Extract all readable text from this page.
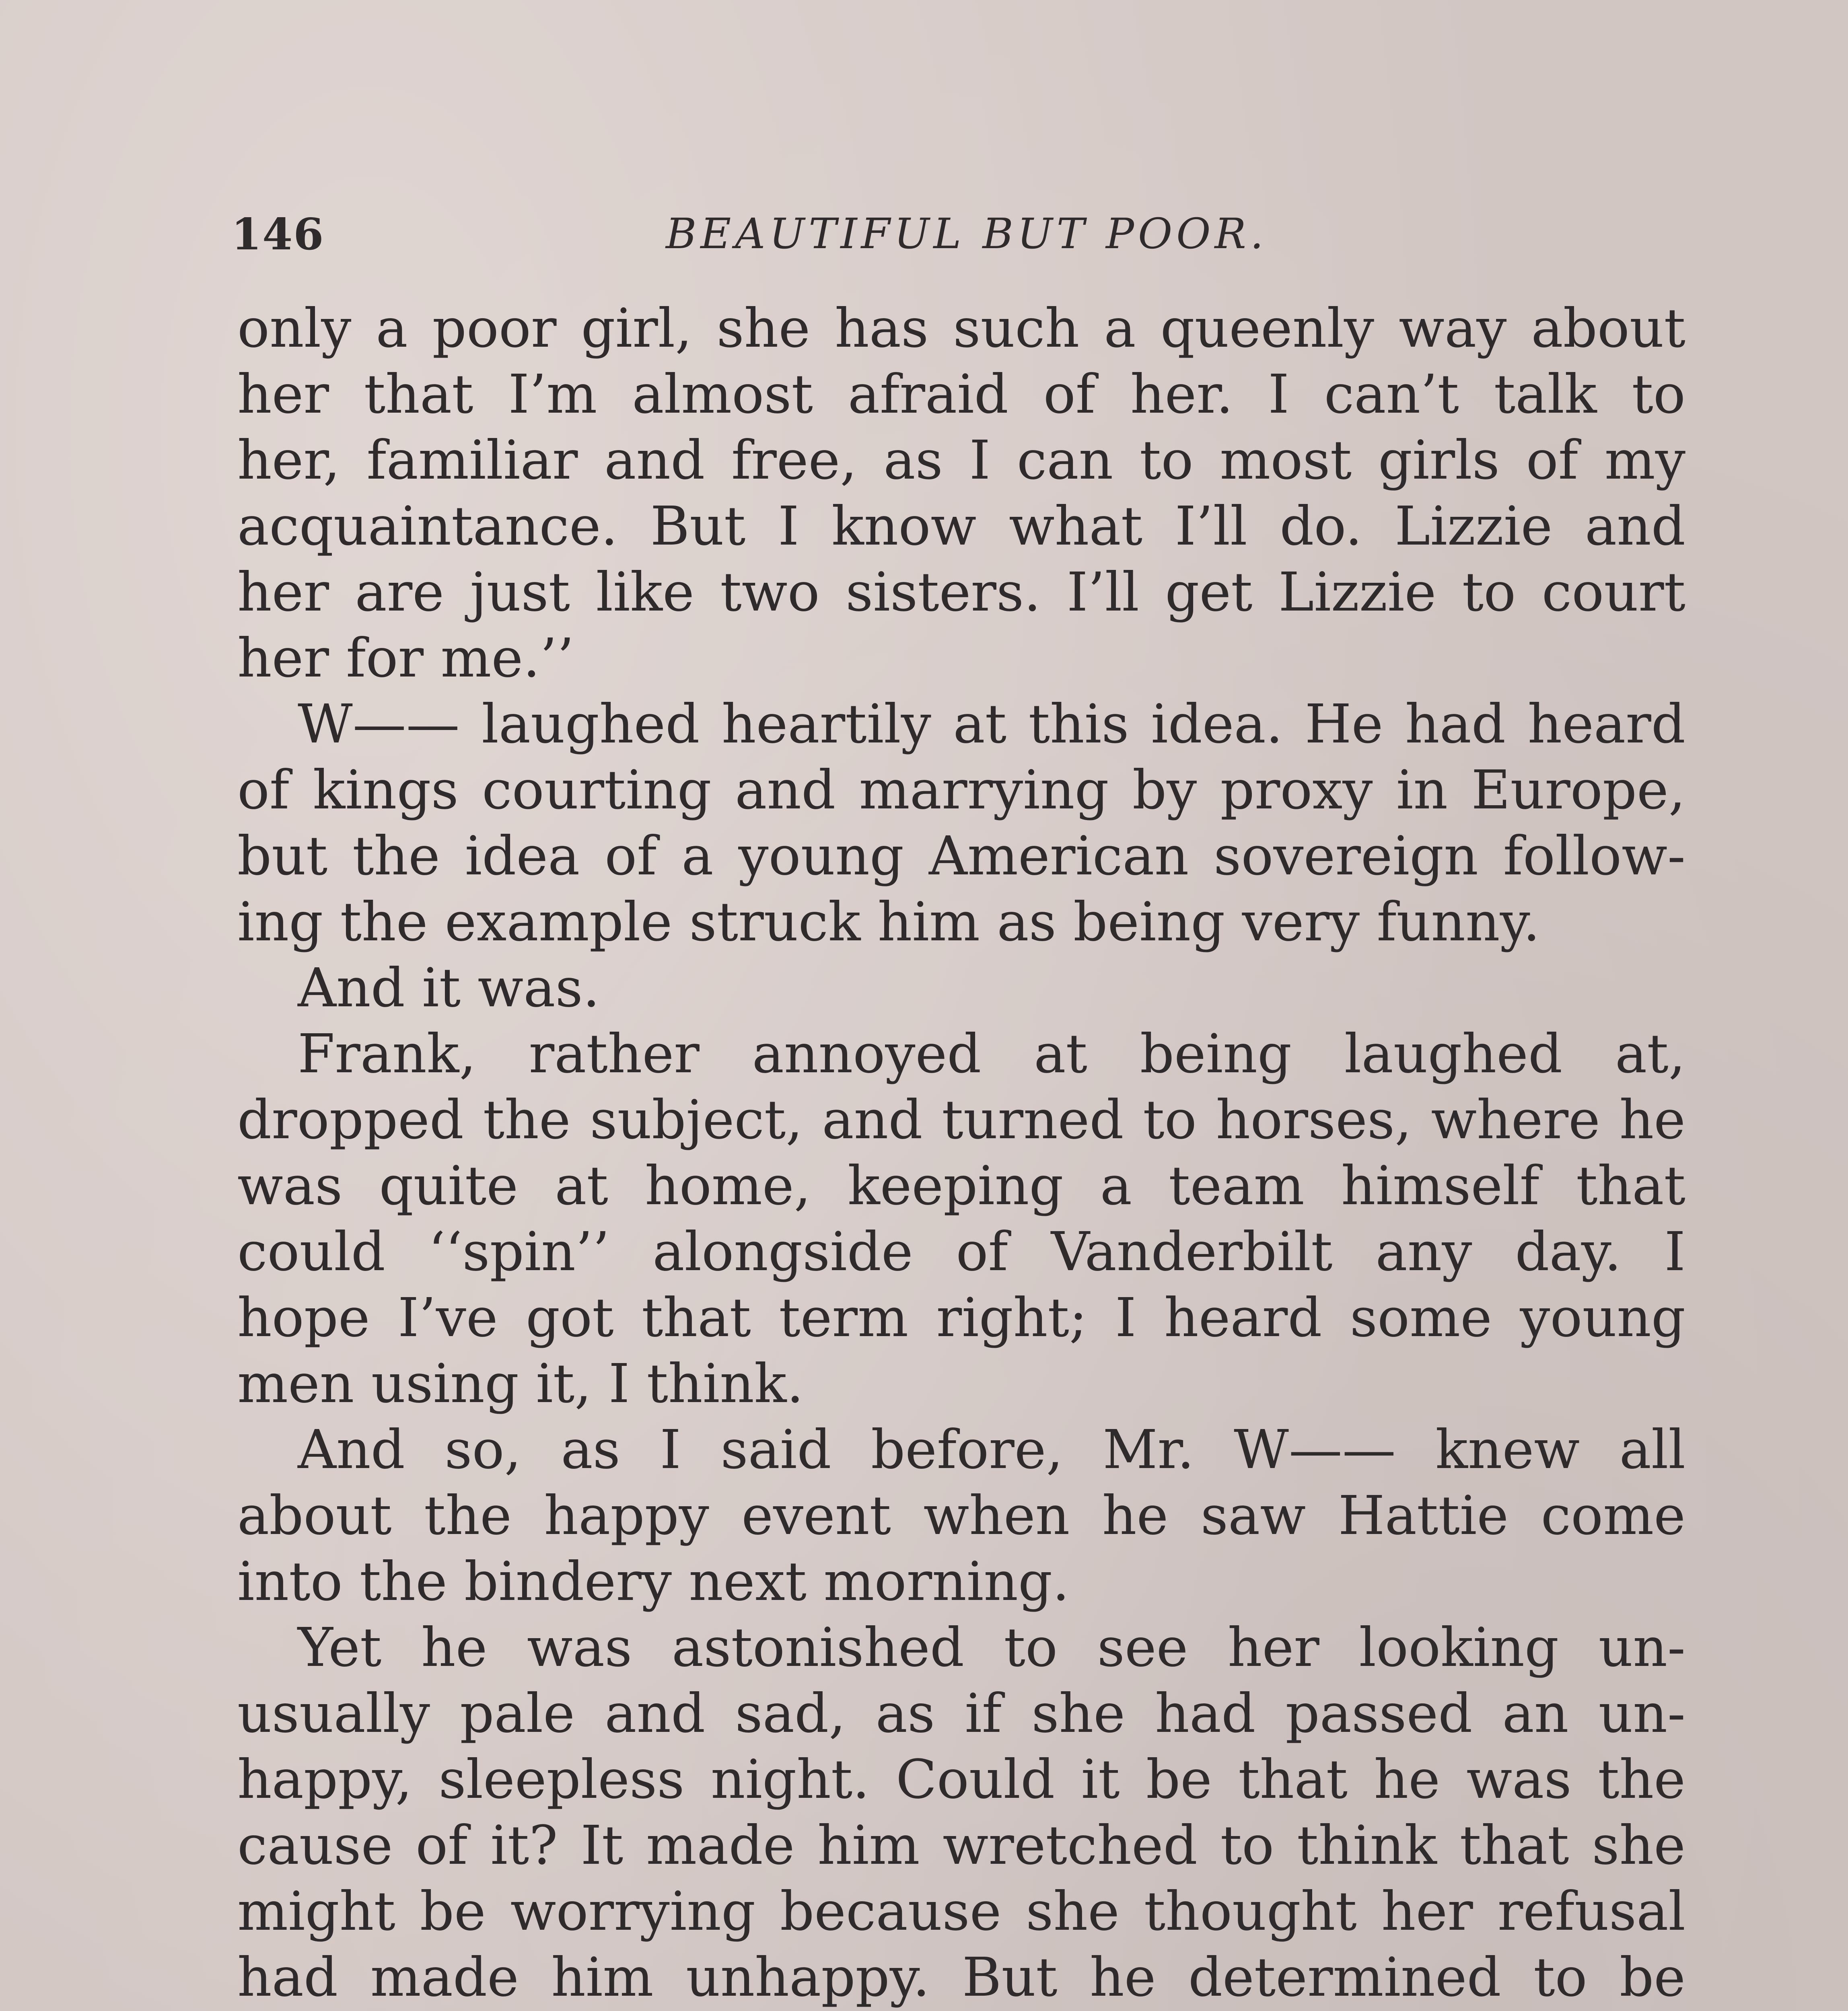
146	BEAUTIFUL BUT POOR.
only a poor girl, she has such a queenly way about
her that I’m almost afraid of her. I can’t talk to
her, familiar and free, as I can to most girls of my
acquaintance. But I know what I’ll do. Lizzie and
her are just like two sisters. I’ll get Lizzie to court
her for me.’’
W—— laughed heartily at this idea. He had heard
of kings courting and marrying by proxy in Europe,
but the idea of a young American sovereign follow-
ing the example struck him as being very funny.
And it was.
Frank, rather annoyed at being laughed at,
dropped the subject, and turned to horses, where he
was quite at home, keeping a team himself that
could ‘‘spin’’ alongside of Vanderbilt any day. I
hope I’ve got that term right; I heard some young
men using it, I think.
And so, as I said before, Mr. W—— knew all
about the happy event when he saw Hattie come
into the bindery next morning.
Yet he was astonished to see her looking un-
usually pale and sad, as if she had passed an un-
happy, sleepless night. Could it be that he was the
cause of it? It made him wretched to think that she
might be worrying because she thought her refusal
had made him unhappy. But he determined to be
